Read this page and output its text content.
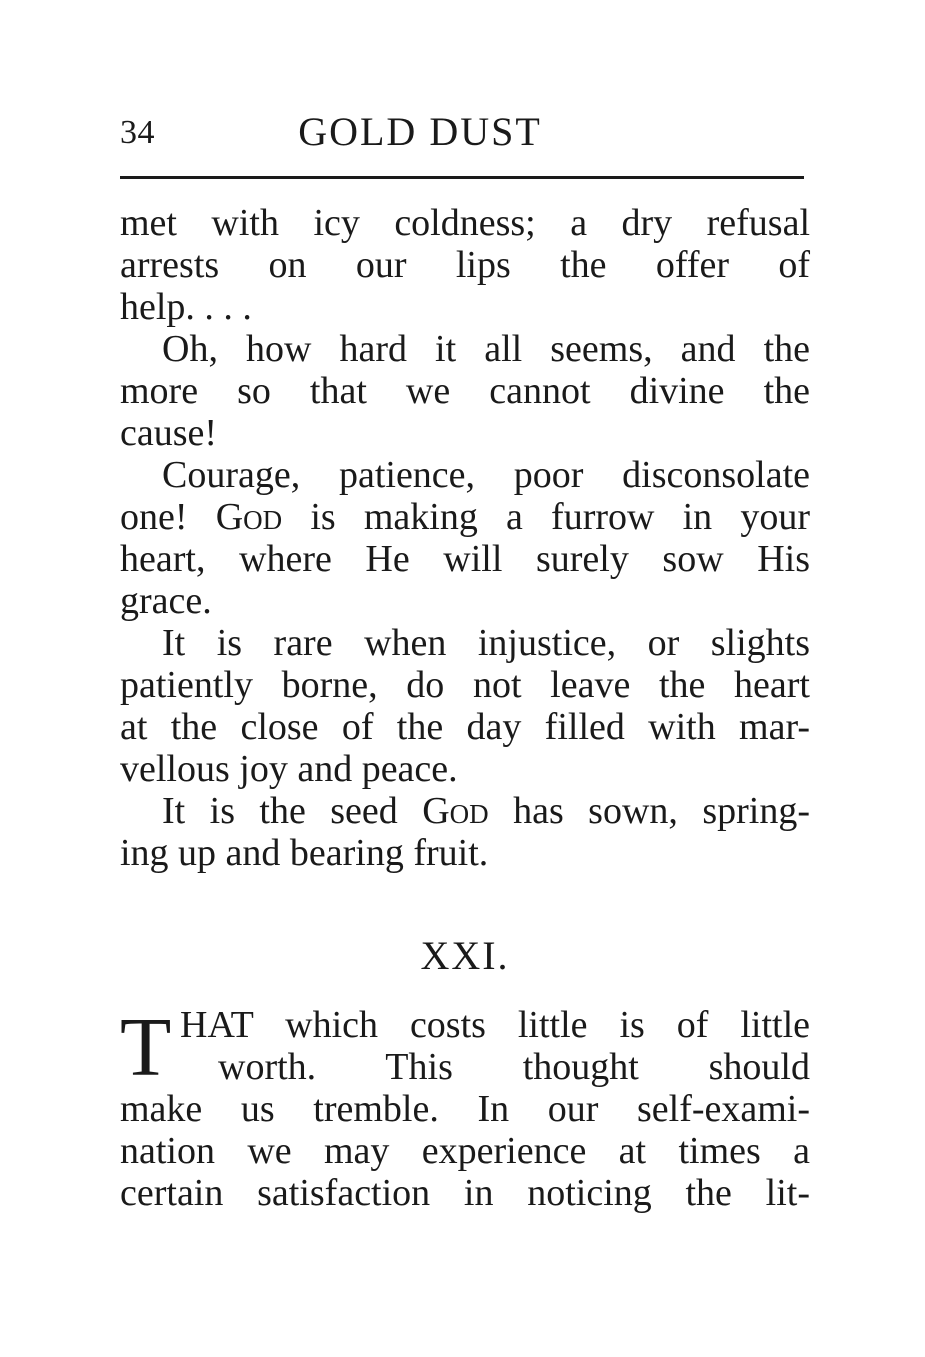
34	GOLD DUST
met with icy coldness; a dry refusal
arrests on our lips the offer of
help. . . .
Oh, how hard it all seems, and the
more so that we cannot divine the
cause!
Courage, patience, poor disconsolate
one! God is making a furrow in your
heart, where He will surely sow His
grace.
It is rare when injustice, or slights
patiently borne, do not leave the heart
at the close of the day filled with mar-
vellous joy and peace.
It is the seed God has sown, spring-
ing up and bearing fruit.
XXI.
T HAT which costs little is of little
worth. This thought should
make us tremble. In our self-exami-
nation we may experience at times a
certain satisfaction in noticing the lit-
